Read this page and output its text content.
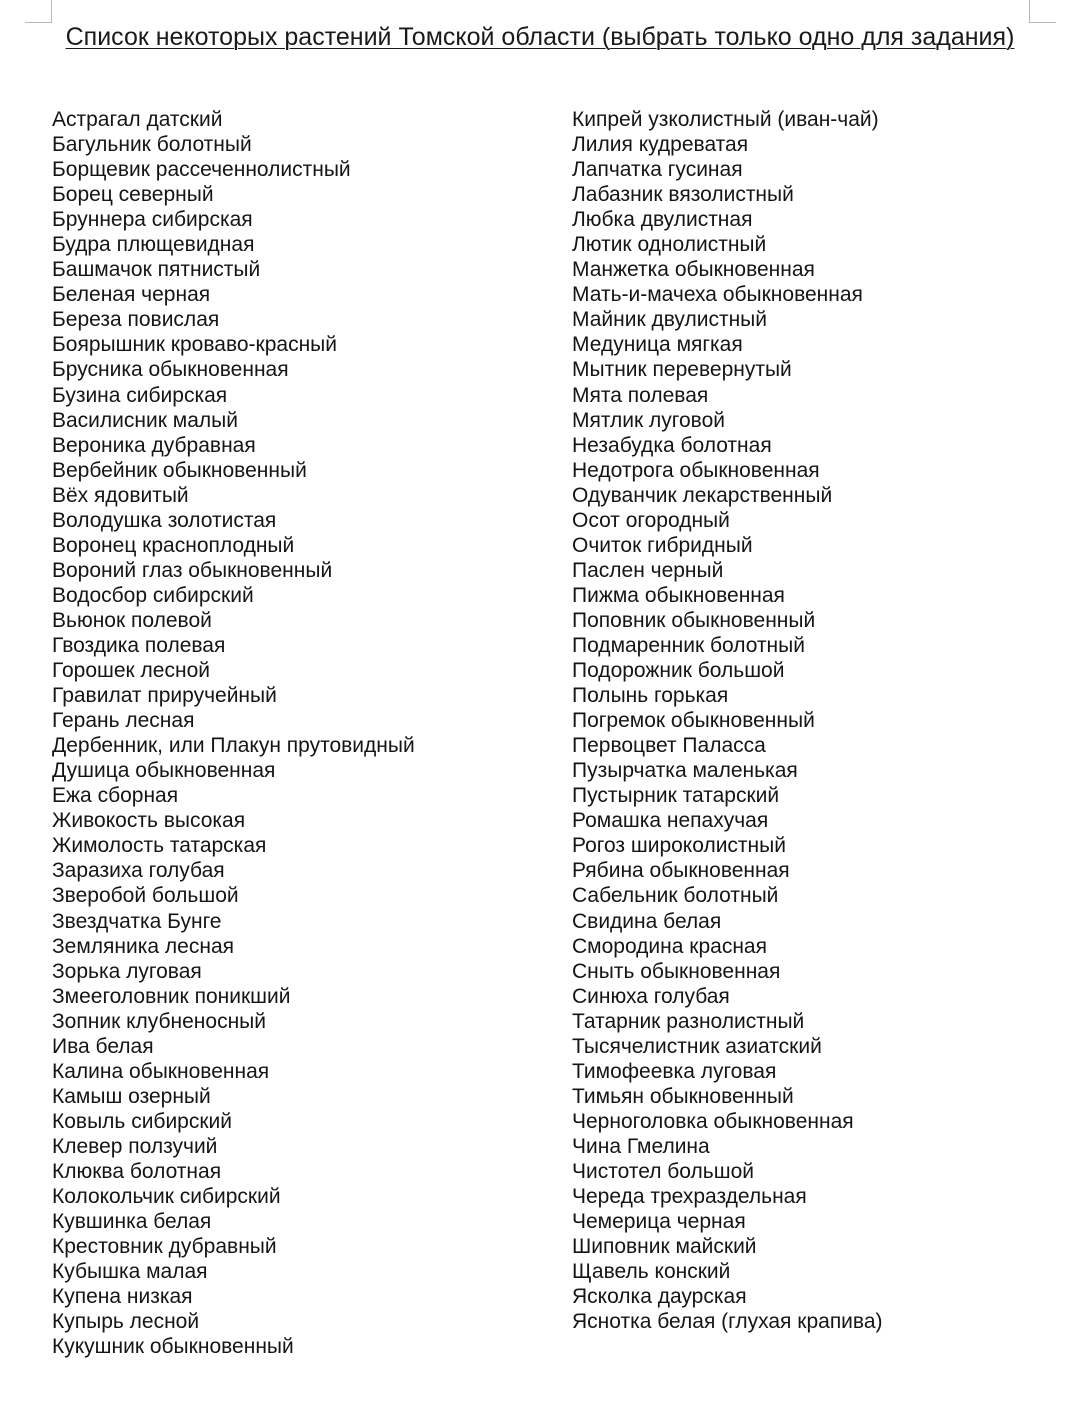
Список некоторых растений Томской области (выбрать только одно для задания)
Астрагал датский
Багульник болотный
Борщевик рассеченнолистный
Борец северный
Бруннера сибирская
Будра плющевидная
Башмачок пятнистый
Беленая черная
Береза повислая
Боярышник кроваво-красный
Брусника обыкновенная
Бузина сибирская
Василисник малый
Вероника дубравная
Вербейник обыкновенный
Вёх ядовитый
Володушка золотистая
Воронец красноплодный
Вороний глаз обыкновенный
Водосбор сибирский
Вьюнок полевой
Гвоздика полевая
Горошек лесной
Гравилат приручейный
Герань лесная
Дербенник, или Плакун прутовидный
Душица обыкновенная
Ежа сборная
Живокость высокая
Жимолость татарская
Заразиха голубая
Зверобой большой
Звездчатка Бунге
Земляника лесная
Зорька луговая
Змееголовник поникший
Зопник клубненосный
Ива белая
Калина обыкновенная
Камыш озерный
Ковыль сибирский
Клевер ползучий
Клюква болотная
Колокольчик сибирский
Кувшинка белая
Крестовник дубравный
Кубышка малая
Купена низкая
Купырь лесной
Кукушник обыкновенный
Кипрей узколистный (иван-чай)
Лилия кудреватая
Лапчатка гусиная
Лабазник вязолистный
Любка двулистная
Лютик однолистный
Манжетка обыкновенная
Мать-и-мачеха обыкновенная
Майник двулистный
Медуница мягкая
Мытник перевернутый
Мята полевая
Мятлик луговой
Незабудка болотная
Недотрога обыкновенная
Одуванчик лекарственный
Осот огородный
Очиток гибридный
Паслен черный
Пижма обыкновенная
Поповник обыкновенный
Подмаренник болотный
Подорожник большой
Полынь горькая
Погремок обыкновенный
Первоцвет Паласса
Пузырчатка маленькая
Пустырник татарский
Ромашка непахучая
Рогоз широколистный
Рябина обыкновенная
Сабельник болотный
Свидина белая
Смородина красная
Сныть обыкновенная
Синюха голубая
Татарник разнолистный
Тысячелистник азиатский
Тимофеевка луговая
Тимьян обыкновенный
Черноголовка обыкновенная
Чина Гмелина
Чистотел большой
Череда трехраздельная
Чемерица черная
Шиповник майский
Щавель конский
Ясколка даурская
Яснотка белая (глухая крапива)
